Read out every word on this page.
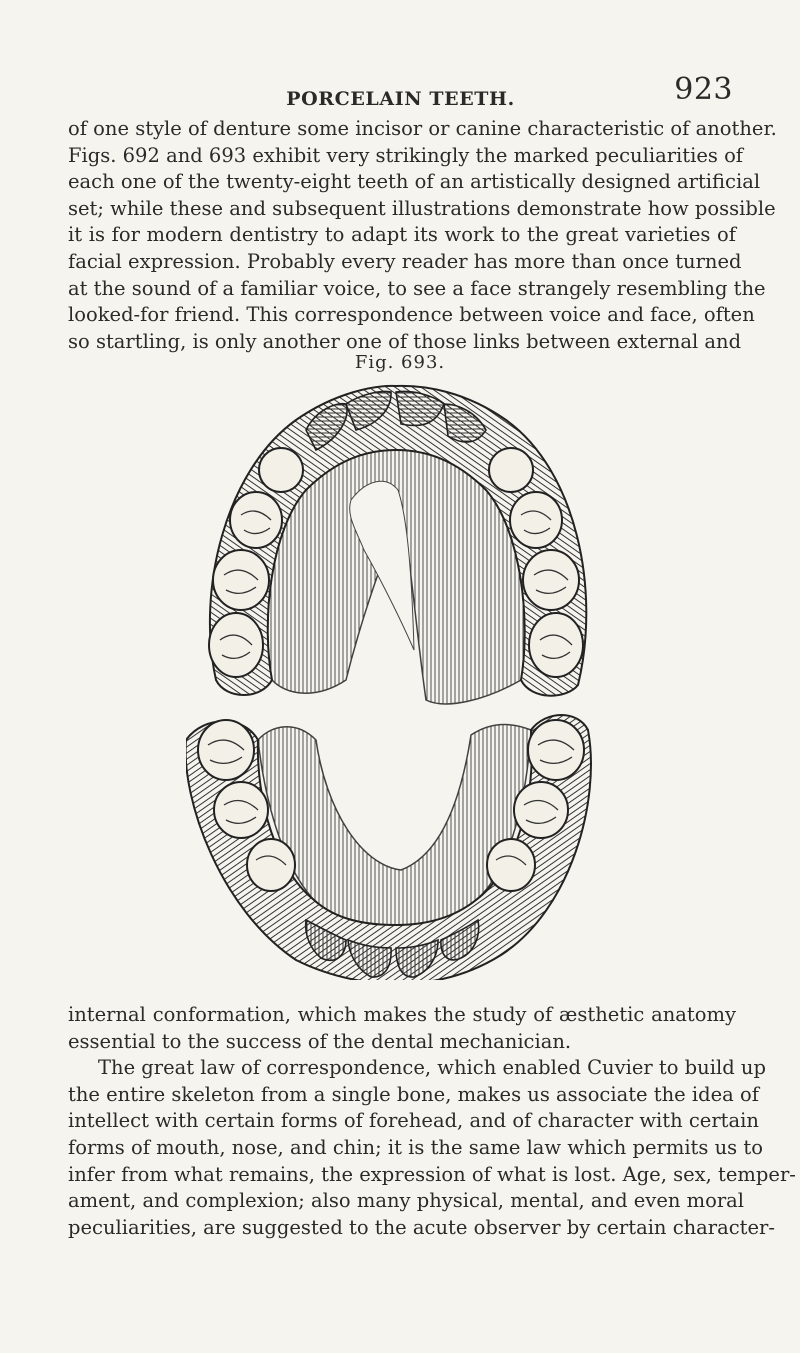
PORCELAIN TEETH.	923

of one style of denture some incisor or canine characteristic of another.
Figs. 692 and 693 exhibit very strikingly the marked peculiarities of
each one of the twenty-eight teeth of an artistically designed artificial
set; while these and subsequent illustrations demonstrate how possible
it is for modern dentistry to adapt its work to the great varieties of
facial expression. Probably every reader has more than once turned
at the sound of a familiar voice, to see a face strangely resembling the
looked-for friend. This correspondence between voice and face, often
so startling, is only another one of those links between external and

Fig. 693.

internal conformation, which makes the study of æsthetic anatomy
essential to the success of the dental mechanician.
The great law of correspondence, which enabled Cuvier to build up
the entire skeleton from a single bone, makes us associate the idea of
intellect with certain forms of forehead, and of character with certain
forms of mouth, nose, and chin; it is the same law which permits us to
infer from what remains, the expression of what is lost. Age, sex, temper-
ament, and complexion; also many physical, mental, and even moral
peculiarities, are suggested to the acute observer by certain character-
